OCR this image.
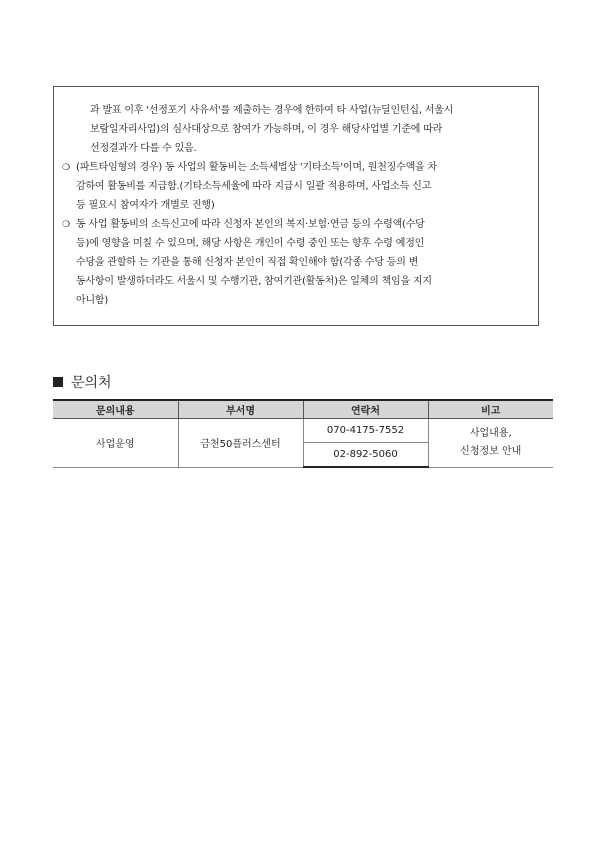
과 발표 이후 '선정포기 사유서'를 제출하는 경우에 한하여 타 사업(뉴딜인턴십, 서울시

보람일자리사업)의 심사대상으로 참여가 가능하며, 이 경우 해당사업별 기준에 따라

선정결과가 다를 수 있음.

❍ (파트타임형의 경우) 동 사업의 활동비는 소득세법상 '기타소득'이며, 원천징수액을 차

감하여 활동비를 지급함.(기타소득세율에 따라 지급시 일괄 적용하며, 사업소득 신고

등 필요시 참여자가 개별로 진행)

❍ 동 사업 활동비의 소득신고에 따라 신청자 본인의 복지·보험·연금 등의 수령액(수당

등)에 영향을 미칠 수 있으며, 해당 사항은 개인이 수령 중인 또는 향후 수령 예정인

수당을 관할하 는 기관을 통해 신청자 본인이 직접 확인해야 함(각종 수당 등의 변

동사항이 발생하더라도 서울시 및 수행기관, 참여기관(활동처)은 일체의 책임을 지지

아니함)

문의처
문의내용	부서명	연락처	비고
사업운영	금천50플러스센터	070-4175-7552	사업내용,
신청정보 안내

		02-892-5060	
